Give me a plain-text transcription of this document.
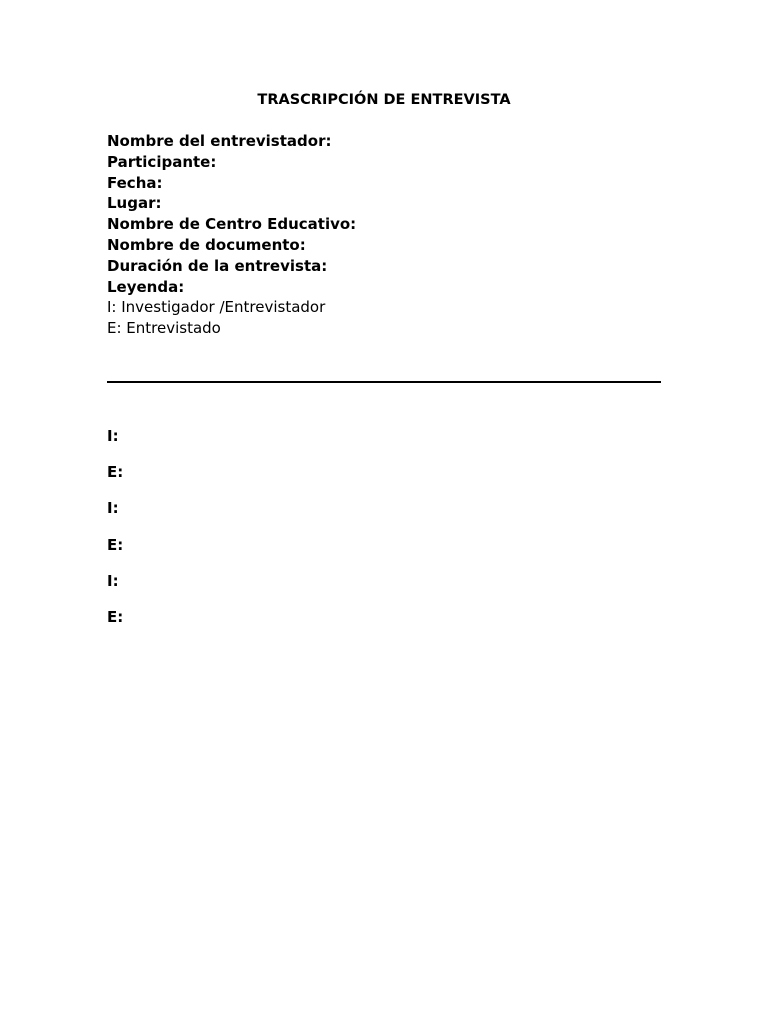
TRASCRIPCIÓN DE ENTREVISTA
Nombre del entrevistador:
Participante:
Fecha:
Lugar:
Nombre de Centro Educativo:
Nombre de documento:
Duración de la entrevista:
Leyenda:
I: Investigador /Entrevistador
E: Entrevistado
I:
E:
I:
E:
I:
E:
